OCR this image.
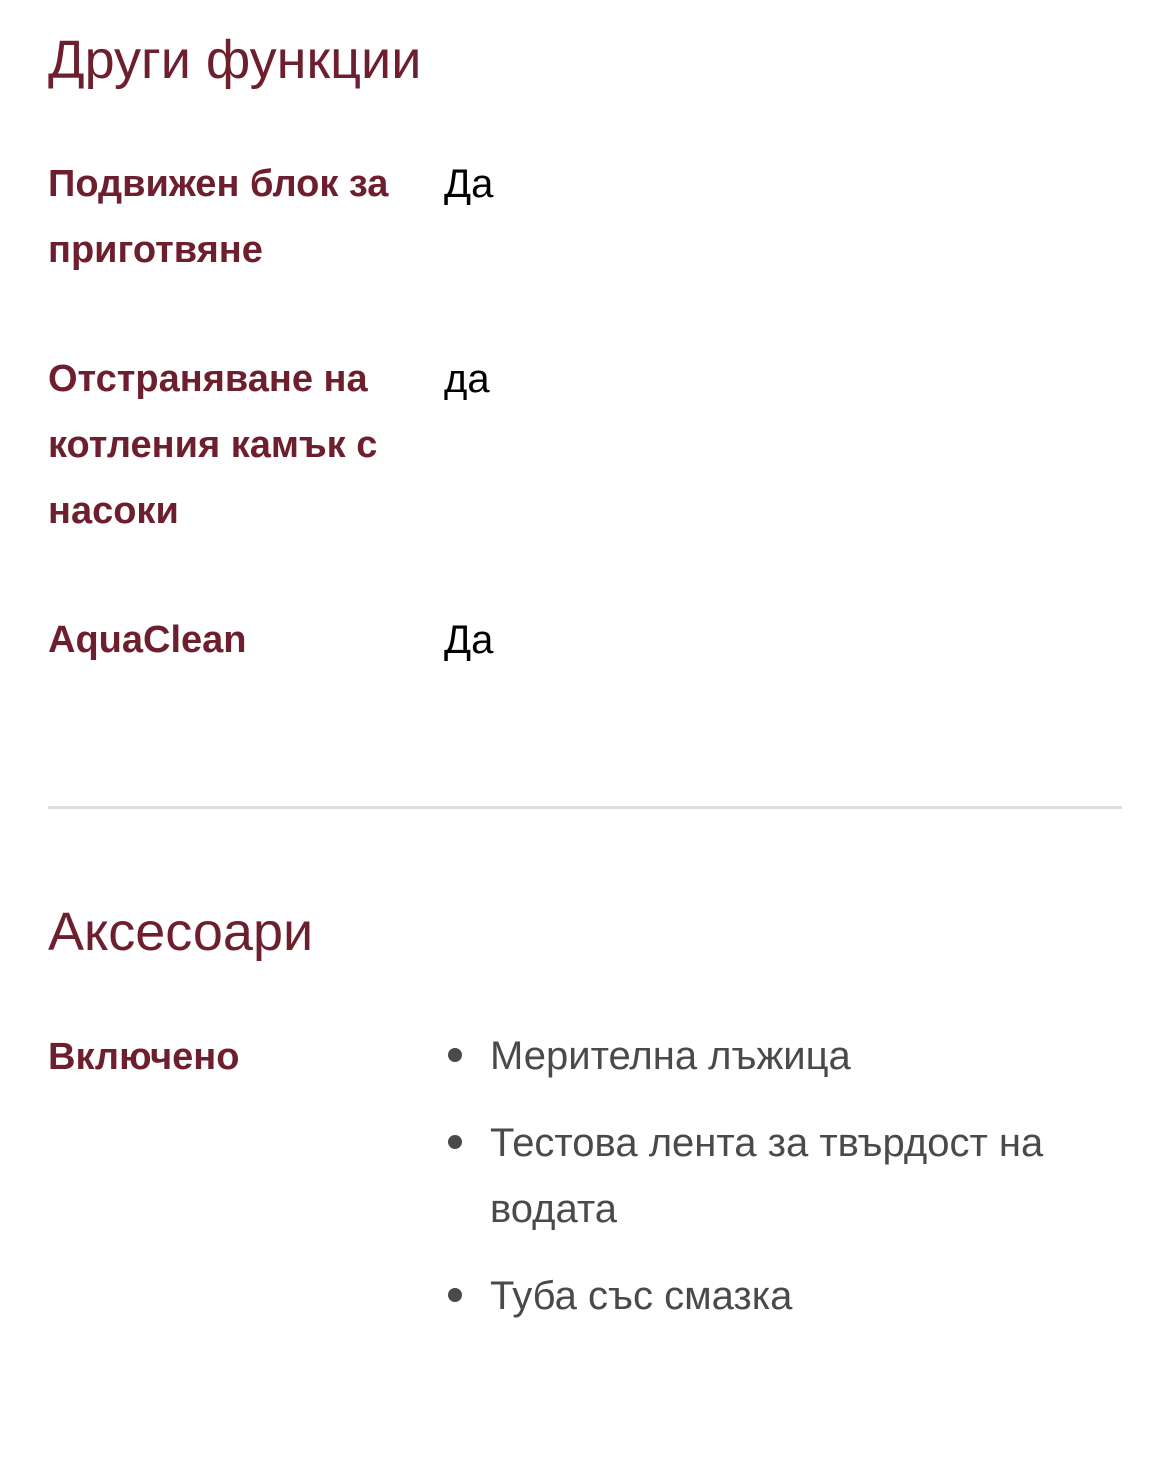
Други функции
Подвижен блок за приготвяне
Да
Отстраняване на котления камък с насоки
да
AquaClean	Да
Аксесоари
Включено	Мерителна лъжица
Тестова лента за твърдост на водата
Туба със смазка
